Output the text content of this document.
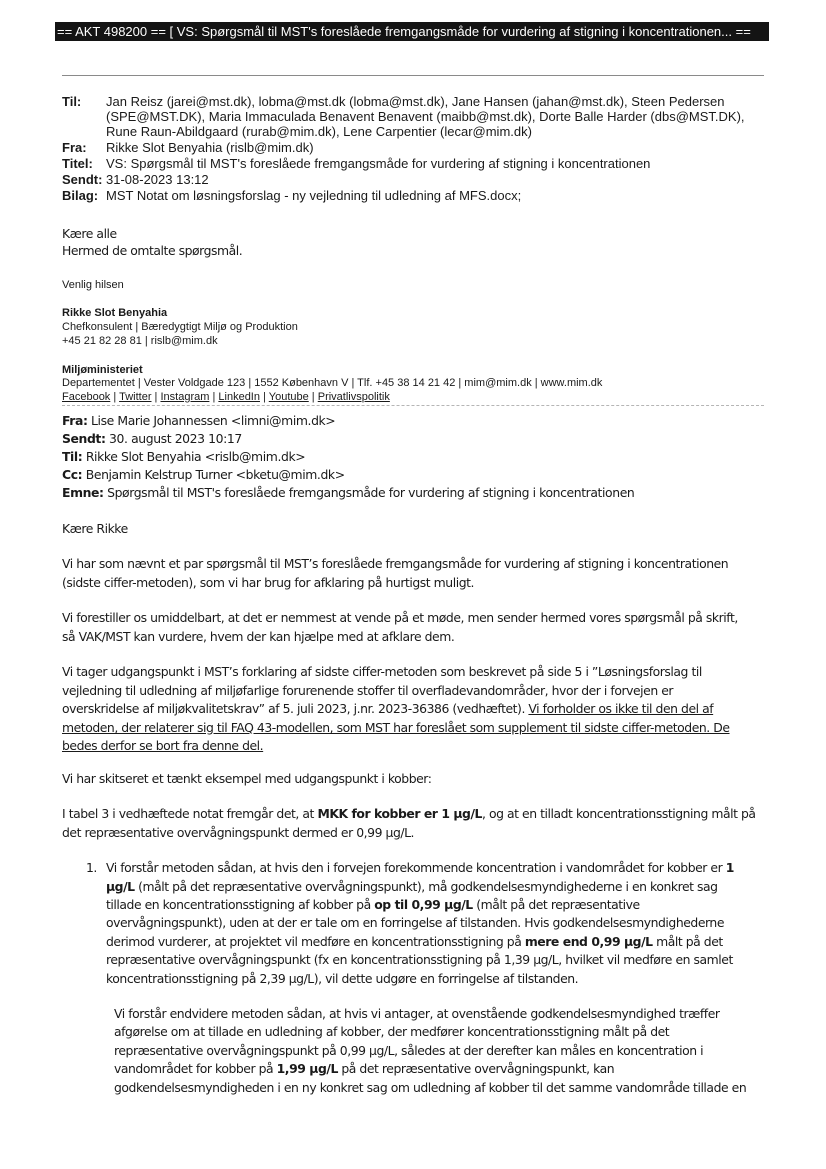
== AKT 498200 == [ VS: Spørgsmål til MST's foreslåede fremgangsmåde for vurdering af stigning i koncentrationen... ==
Til: Jan Reisz (jarei@mst.dk), lobma@mst.dk (lobma@mst.dk), Jane Hansen (jahan@mst.dk), Steen Pedersen
(SPE@MST.DK), Maria Immaculada Benavent Benavent (maibb@mst.dk), Dorte Balle Harder (dbs@MST.DK),
Rune Raun-Abildgaard (rurab@mim.dk), Lene Carpentier (lecar@mim.dk)
Fra: Rikke Slot Benyahia (rislb@mim.dk)
Titel: VS: Spørgsmål til MST's foreslåede fremgangsmåde for vurdering af stigning i koncentrationen
Sendt: 31-08-2023 13:12
Bilag: MST Notat om løsningsforslag - ny vejledning til udledning af MFS.docx;
Kære alle
Hermed de omtalte spørgsmål.
Venlig hilsen
Rikke Slot Benyahia
Chefkonsulent | Bæredygtigt Miljø og Produktion
+45 21 82 28 81 | rislb@mim.dk
Miljøministeriet
Departementet | Vester Voldgade 123 | 1552 København V | Tlf. +45 38 14 21 42 | mim@mim.dk | www.mim.dk
Facebook | Twitter | Instagram | LinkedIn | Youtube | Privatlivspolitik
Fra: Lise Marie Johannessen <limni@mim.dk>
Sendt: 30. august 2023 10:17
Til: Rikke Slot Benyahia <rislb@mim.dk>
Cc: Benjamin Kelstrup Turner <bketu@mim.dk>
Emne: Spørgsmål til MST's foreslåede fremgangsmåde for vurdering af stigning i koncentrationen
Kære Rikke
Vi har som nævnt et par spørgsmål til MST’s foreslåede fremgangsmåde for vurdering af stigning i koncentrationen
(sidste ciffer-metoden), som vi har brug for afklaring på hurtigst muligt.
Vi forestiller os umiddelbart, at det er nemmest at vende på et møde, men sender hermed vores spørgsmål på skrift,
så VAK/MST kan vurdere, hvem der kan hjælpe med at afklare dem.
Vi tager udgangspunkt i MST’s forklaring af sidste ciffer-metoden som beskrevet på side 5 i ”Løsningsforslag til
vejledning til udledning af miljøfarlige forurenende stoffer til overfladevandområder, hvor der i forvejen er
overskridelse af miljøkvalitetskrav” af 5. juli 2023, j.nr. 2023-36386 (vedhæftet). Vi forholder os ikke til den del af
metoden, der relaterer sig til FAQ 43-modellen, som MST har foreslået som supplement til sidste ciffer-metoden. De
bedes derfor se bort fra denne del.
Vi har skitseret et tænkt eksempel med udgangspunkt i kobber:
I tabel 3 i vedhæftede notat fremgår det, at MKK for kobber er 1 µg/L, og at en tilladt koncentrationsstigning målt på
det repræsentative overvågningspunkt dermed er 0,99 µg/L.
1. Vi forstår metoden sådan, at hvis den i forvejen forekommende koncentration i vandområdet for kobber er 1
µg/L (målt på det repræsentative overvågningspunkt), må godkendelsesmyndighederne i en konkret sag
tillade en koncentrationsstigning af kobber på op til 0,99 µg/L (målt på det repræsentative
overvågningspunkt), uden at der er tale om en forringelse af tilstanden. Hvis godkendelsesmyndighederne
derimod vurderer, at projektet vil medføre en koncentrationsstigning på mere end 0,99 µg/L målt på det
repræsentative overvågningspunkt (fx en koncentrationsstigning på 1,39 µg/L, hvilket vil medføre en samlet
koncentrationsstigning på 2,39 µg/L), vil dette udgøre en forringelse af tilstanden.
Vi forstår endvidere metoden sådan, at hvis vi antager, at ovenstående godkendelsesmyndighed træffer
afgørelse om at tillade en udledning af kobber, der medfører koncentrationsstigning målt på det
repræsentative overvågningspunkt på 0,99 µg/L, således at der derefter kan måles en koncentration i
vandområdet for kobber på 1,99 µg/L på det repræsentative overvågningspunkt, kan
godkendelsesmyndigheden i en ny konkret sag om udledning af kobber til det samme vandområde tillade en
